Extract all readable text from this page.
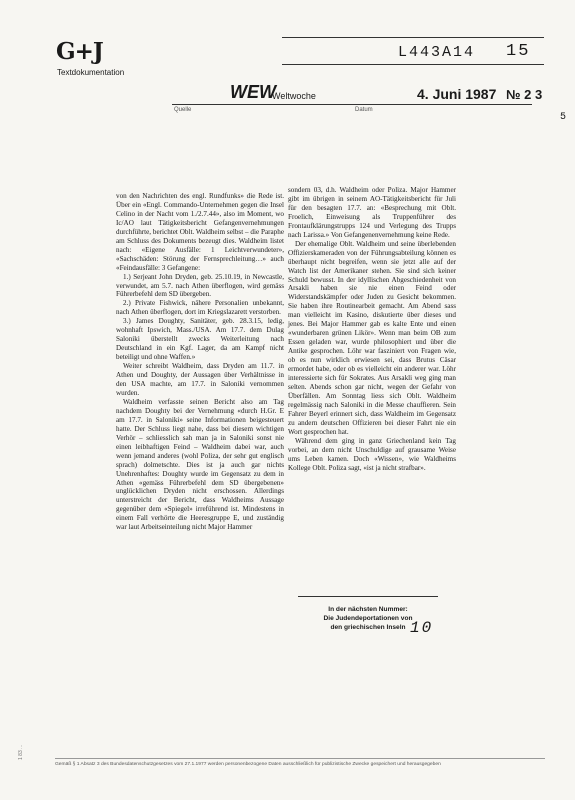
G+J
Textdokumentation
L443A14 15
WEW
Weltwoche	4. Juni 1987 № 2 3
Quelle	Datum
5

von den Nachrichten des engl. Rundfunks» die Rede ist. Über ein «Engl. Commando-Unternehmen gegen die Insel Celino in der Nacht vom 1./2.7.44», also im Moment, wo Ic/AO laut Tätigkeitsbericht Gefangenvernehmungen durchführte, berichtet Oblt. Waldheim selbst – die Paraphe am Schluss des Dokuments bezeugt dies. Waldheim listet nach: «Eigene Ausfälle: 1 Leichtverwundeter», «Sachschäden: Störung der Fernsprechleitung…» auch «Feindausfälle: 3 Gefangene:

1.) Serjeant John Dryden, geb. 25.10.19, in Newcastle, verwundet, am 5.7. nach Athen überflogen, wird gemäss Führerbefehl dem SD übergeben.

2.) Private Fishwick, nähere Personalien unbekannt, nach Athen überflogen, dort im Kriegslazarett verstorben.

3.) James Doughty, Sanitäter, geb. 28.3.15, ledig, wohnhaft Ipswich, Mass./USA. Am 17.7. dem Dulag Saloniki überstellt zwecks Weiterleitung nach Deutschland in ein Kgf. Lager, da am Kampf nicht beteiligt und ohne Waffen.»

Weiter schreibt Waldheim, dass Dryden am 11.7. in Athen und Doughty, der Aussagen über Verhältnisse in den USA machte, am 17.7. in Saloniki vernommen wurden.

Waldheim verfasste seinen Bericht also am Tag nachdem Doughty bei der Vernehmung «durch H.Gr. E am 17.7. in Saloniki» seine Informationen beigesteuert hatte. Der Schluss liegt nahe, dass bei diesem wichtigen Verhör – schliesslich sah man ja in Saloniki sonst nie einen leibhaftigen Feind – Waldheim dabei war, auch wenn jemand anderes (wohl Poliza, der sehr gut englisch sprach) dolmetschte. Dies ist ja auch gar nichts Unehrenhaftes: Doughty wurde im Gegensatz zu dem in Athen «gemäss Führerbefehl dem SD übergebenen» unglücklichen Dryden nicht erschossen. Allerdings unterstreicht der Bericht, dass Waldheims Aussage gegenüber dem «Spiegel» irreführend ist. Mindestens in einem Fall verhörte die Heeresgruppe E, und zuständig war laut Arbeitseinteilung nicht Major Hammer

sondern 03, d.h. Waldheim oder Poliza. Major Hammer gibt im übrigen in seinem AO-Tätigkeitsbericht für Juli für den besagten 17.7. an: «Besprechung mit Oblt. Froelich, Einweisung als Truppenführer des Frontaufklärungstrupps 124 und Verlegung des Trupps nach Larissa.» Von Gefangenenvernehmung keine Rede.

Der ehemalige Oblt. Waldheim und seine überlebenden Offizierskameraden von der Führungsabteilung können es überhaupt nicht begreifen, wenn sie jetzt alle auf der Watch list der Amerikaner stehen. Sie sind sich keiner Schuld bewusst. In der idyllischen Abgeschiedenheit von Arsakli haben sie nie einen Feind oder Widerstandskämpfer oder Juden zu Gesicht bekommen. Sie haben ihre Routinearbeit gemacht. Am Abend sass man vielleicht im Kasino, diskutierte über dieses und jenes. Bei Major Hammer gab es kalte Ente und einen «wunderbaren grünen Likör». Wenn man beim OB zum Essen geladen war, wurde philosophiert und über die Antike gesprochen. Löhr war fasziniert von Fragen wie, ob es nun wirklich erwiesen sei, dass Brutus Cäsar ermordet habe, oder ob es vielleicht ein anderer war. Löhr interessierte sich für Sokrates. Aus Arsakli weg ging man selten. Abends schon gar nicht, wegen der Gefahr von Überfällen. Am Sonntag liess sich Oblt. Waldheim regelmässig nach Saloniki in die Messe chauffieren. Sein Fahrer Beyerl erinnert sich, dass Waldheim im Gegensatz zu andern deutschen Offizieren bei dieser Fahrt nie ein Wort gesprochen hat.

Während dem ging in ganz Griechenland kein Tag vorbei, an dem nicht Unschuldige auf grausame Weise ums Leben kamen. Doch «Wissen», wie Waldheims Kollege Oblt. Poliza sagt, «ist ja nicht strafbar».

In der nächsten Nummer:
Die Judendeportationen von
den griechischen Inseln 10
Gemäß § 1 Absatz 3 des Bundesdatenschutzgesetzes vom 27.1.1977 werden personenbezogene Daten ausschließlich für publizistische Zwecke gespeichert und herausgegeben
1 83 ...
